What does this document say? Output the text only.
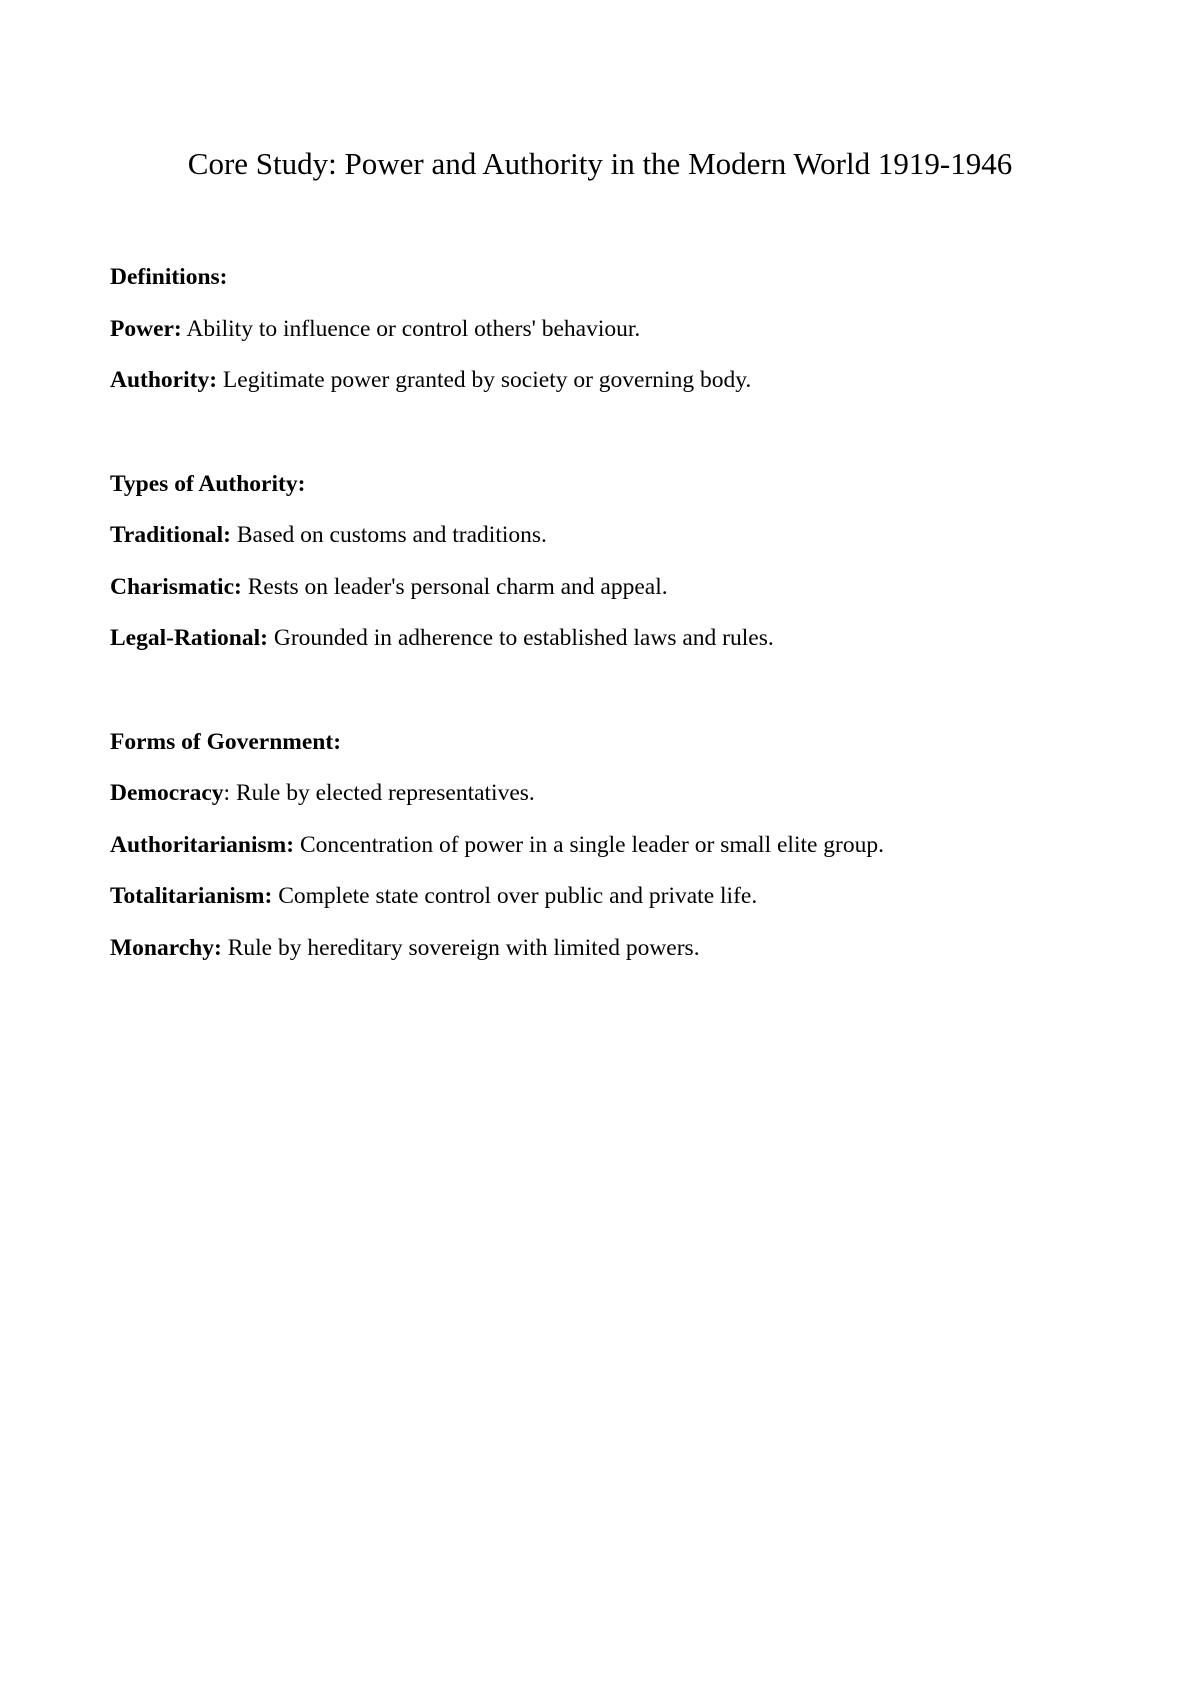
Core Study: Power and Authority in the Modern World 1919-1946

Definitions:

Power: Ability to influence or control others' behaviour.

Authority: Legitimate power granted by society or governing body.

Types of Authority:

Traditional: Based on customs and traditions.

Charismatic: Rests on leader's personal charm and appeal.

Legal-Rational: Grounded in adherence to established laws and rules.

Forms of Government:

Democracy: Rule by elected representatives.

Authoritarianism: Concentration of power in a single leader or small elite group.

Totalitarianism: Complete state control over public and private life.

Monarchy: Rule by hereditary sovereign with limited powers.
